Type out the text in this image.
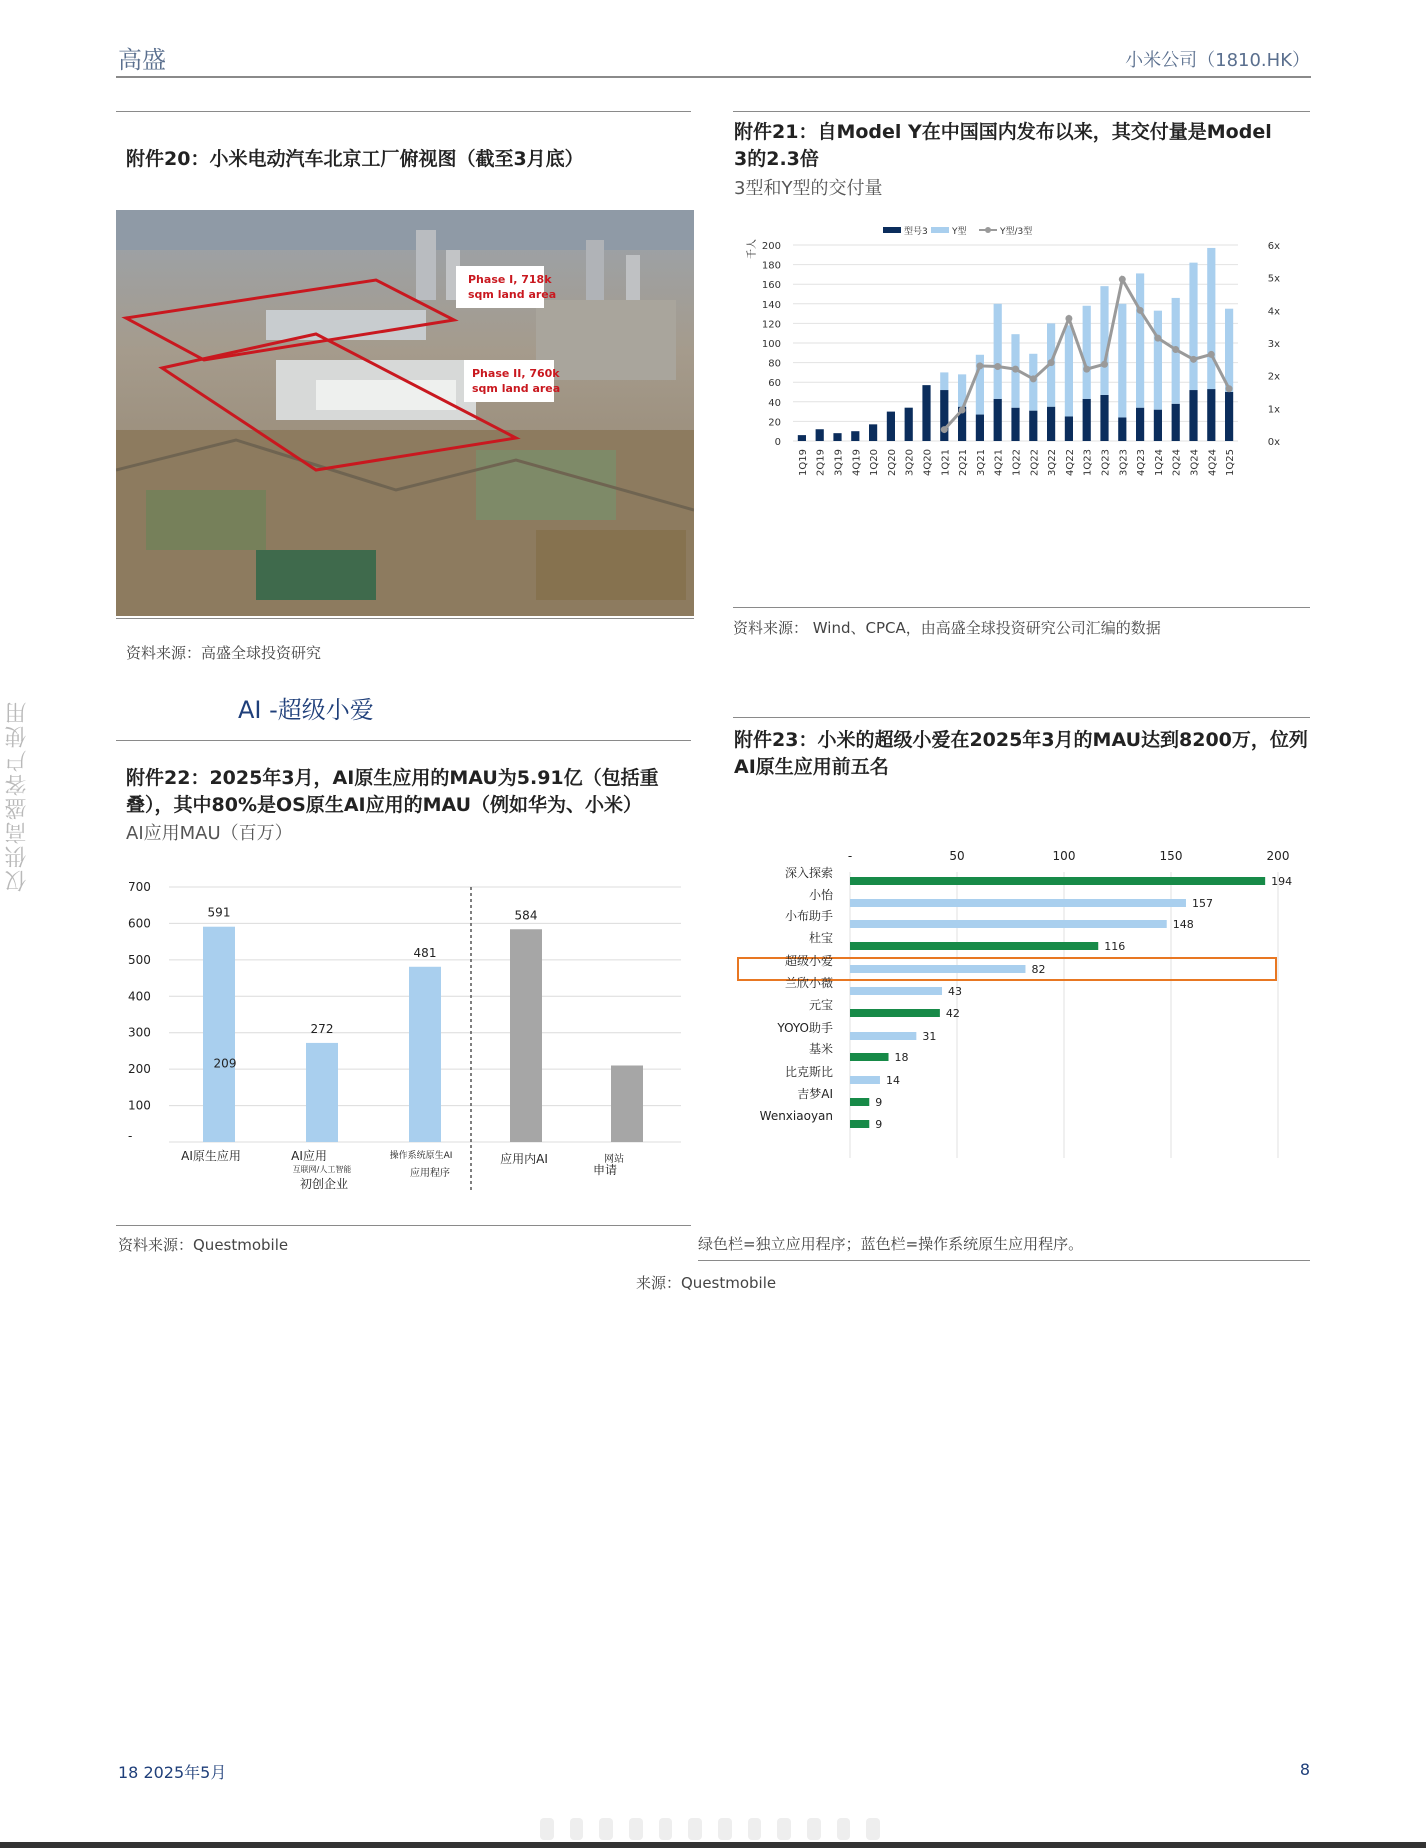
高盛	小米公司（1810.HK）
仅供高盛客户使用
附件20：小米电动汽车北京工厂俯视图（截至3月底）
Phase I, 718k
sqm land area
Phase II, 760k
sqm land area
资料来源：高盛全球投资研究
附件21：自Model Y在中国国内发布以来，其交付量是Model
3的2.3倍
3型和Y型的交付量
型号3	Y型	Y型/3型
千人
0
20
40
60
80
100
120
140
160
180
200
0x
1x
2x
3x
4x
5x
6x
1Q19 2Q19 3Q19 4Q19 1Q20 2Q20 3Q20 4Q20 1Q21 2Q21 3Q21 4Q21 1Q22 2Q22 3Q22 4Q22 1Q23 2Q23 3Q23 4Q23 1Q24 2Q24 3Q24 4Q24 1Q25
资料来源： Wind、CPCA，由高盛全球投资研究公司汇编的数据
AI -超级小爱
附件22：2025年3月，AI原生应用的MAU为5.91亿（包括重
叠），其中80%是OS原生AI应用的MAU（例如华为、小米）
AI应用MAU（百万）
-
100
200
300
400
500
600
700
591
272
481
584
209
AI原生应用	AI应用
互联网/人工智能
初创企业
操作系统原生AI
应用程序
应用内AI	网站
申请
资料来源：Questmobile
附件23：小米的超级小爱在2025年3月的MAU达到8200万，位列
AI原生应用前五名
-	50	100	150	200
深入探索
194
小怡
157
小布助手
148
杜宝
116
超级小爱
82
兰欣小薇
43
元宝
42
YOYO助手
31
基米
18
比克斯比
14
吉梦AI
9
Wenxiaoyan
9
绿色栏=独立应用程序；蓝色栏=操作系统原生应用程序。
来源：Questmobile
18 2025年5月	8
